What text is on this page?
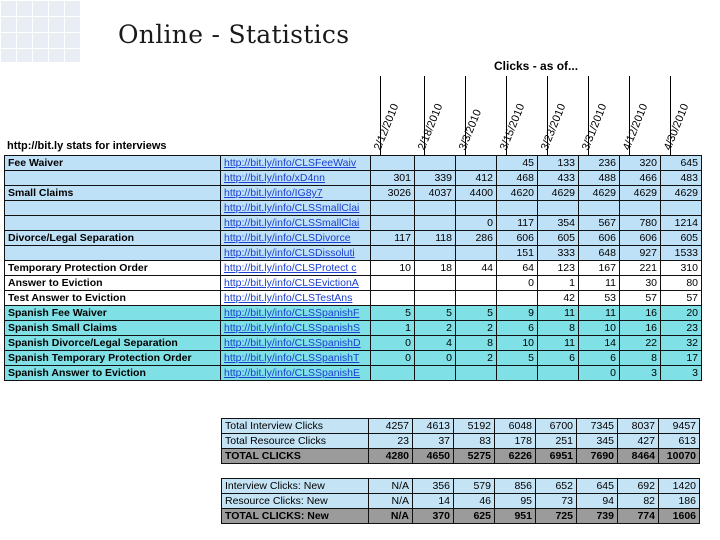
Online - Statistics
Clicks - as of...
http://bit.ly stats for interviews	2/12/2010 2/18/2010 3/3/2010 3/15/2010 3/23/2010 3/31/2010 4/12/2010 4/30/2010
Fee Waiver	http://bit.ly/info/CLSFeeWaiv				45	133	236	320	645
	http://bit.ly/info/xD4nn	301	339	412	468	433	488	466	483
Small Claims	http://bit.ly/info/IG8y7	3026	4037	4400	4620	4629	4629	4629	4629
	http://bit.ly/info/CLSSmallClai								
	http://bit.ly/info/CLSSmallClai			0	117	354	567	780	1214
Divorce/Legal Separation	http://bit.ly/info/CLSDivorce	117	118	286	606	605	606	606	605
	http://bit.ly/info/CLSDissoluti				151	333	648	927	1533
Temporary Protection Order	http://bit.ly/info/CLSProtect c	10	18	44	64	123	167	221	310
Answer to Eviction	http://bit.ly/info/CLSEvictionA				0	1	11	30	80
Test Answer to Eviction	http://bit.ly/info/CLSTestAns					42	53	57	57
Spanish Fee Waiver	http://bit.ly/info/CLSSpanishF	5	5	5	9	11	11	16	20
Spanish Small Claims	http://bit.ly/info/CLSSpanishS	1	2	2	6	8	10	16	23
Spanish Divorce/Legal Separation	http://bit.ly/info/CLSSpanishD	0	4	8	10	11	14	22	32
Spanish Temporary Protection Order	http://bit.ly/info/CLSSpanishT	0	0	2	5	6	6	8	17
Spanish Answer to Eviction	http://bit.ly/info/CLSSpanishE						0	3	3
Total Interview Clicks	4257	4613	5192	6048	6700	7345	8037	9457
Total Resource Clicks	23	37	83	178	251	345	427	613
TOTAL CLICKS	4280	4650	5275	6226	6951	7690	8464	10070
Interview Clicks: New	N/A	356	579	856	652	645	692	1420
Resource Clicks: New	N/A	14	46	95	73	94	82	186
TOTAL CLICKS: New	N/A	370	625	951	725	739	774	1606
